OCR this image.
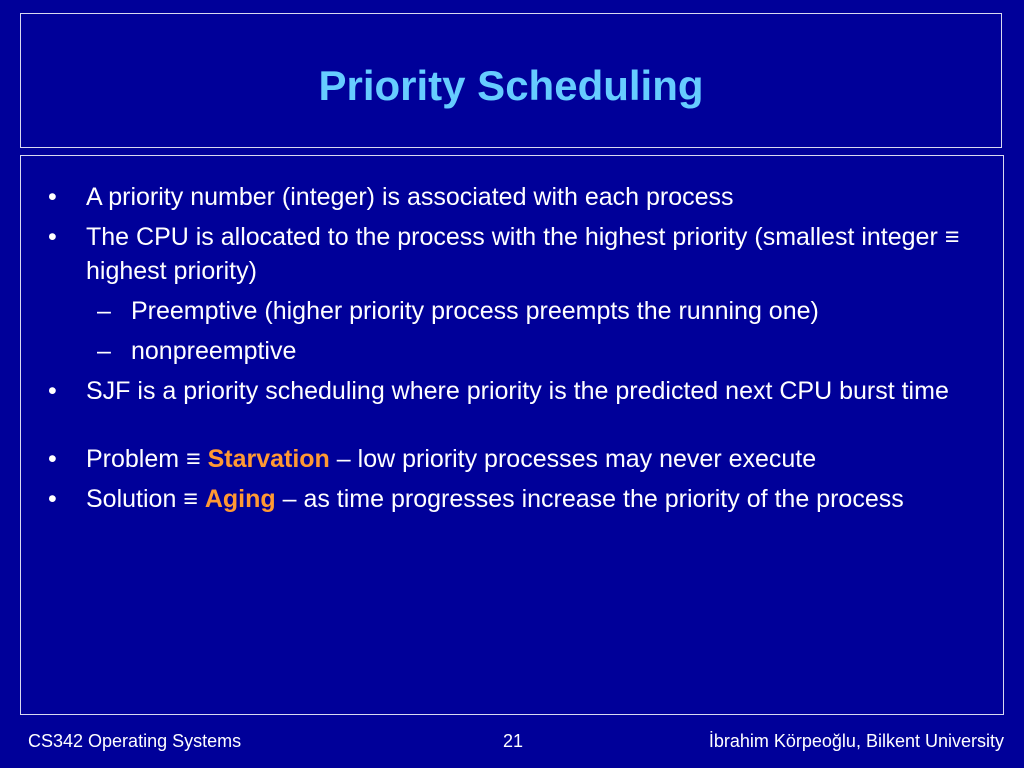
Priority Scheduling
• A priority number (integer) is associated with each process
• The CPU is allocated to the process with the highest priority (smallest integer ≡ highest priority)
– Preemptive (higher priority process preempts the running one)
– nonpreemptive
• SJF is a priority scheduling where priority is the predicted next CPU burst time
• Problem ≡ Starvation – low priority processes may never execute
• Solution ≡ Aging – as time progresses increase the priority of the process
CS342 Operating Systems	21	İbrahim Körpeoğlu, Bilkent University
